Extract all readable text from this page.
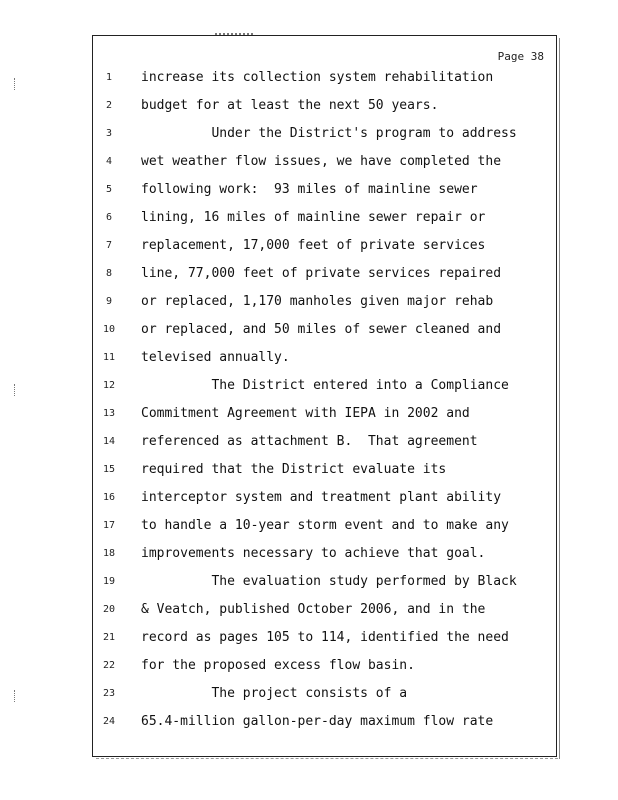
Page 38
1	increase its collection system rehabilitation
2	budget for at least the next 50 years.
3	Under the District's program to address
4	wet weather flow issues, we have completed the
5	following work:  93 miles of mainline sewer
6	lining, 16 miles of mainline sewer repair or
7	replacement, 17,000 feet of private services
8	line, 77,000 feet of private services repaired
9	or replaced, 1,170 manholes given major rehab
10	or replaced, and 50 miles of sewer cleaned and
11	televised annually.
12	The District entered into a Compliance
13	Commitment Agreement with IEPA in 2002 and
14	referenced as attachment B.  That agreement
15	required that the District evaluate its
16	interceptor system and treatment plant ability
17	to handle a 10-year storm event and to make any
18	improvements necessary to achieve that goal.
19	The evaluation study performed by Black
20	& Veatch, published October 2006, and in the
21	record as pages 105 to 114, identified the need
22	for the proposed excess flow basin.
23	The project consists of a
24	65.4-million gallon-per-day maximum flow rate
